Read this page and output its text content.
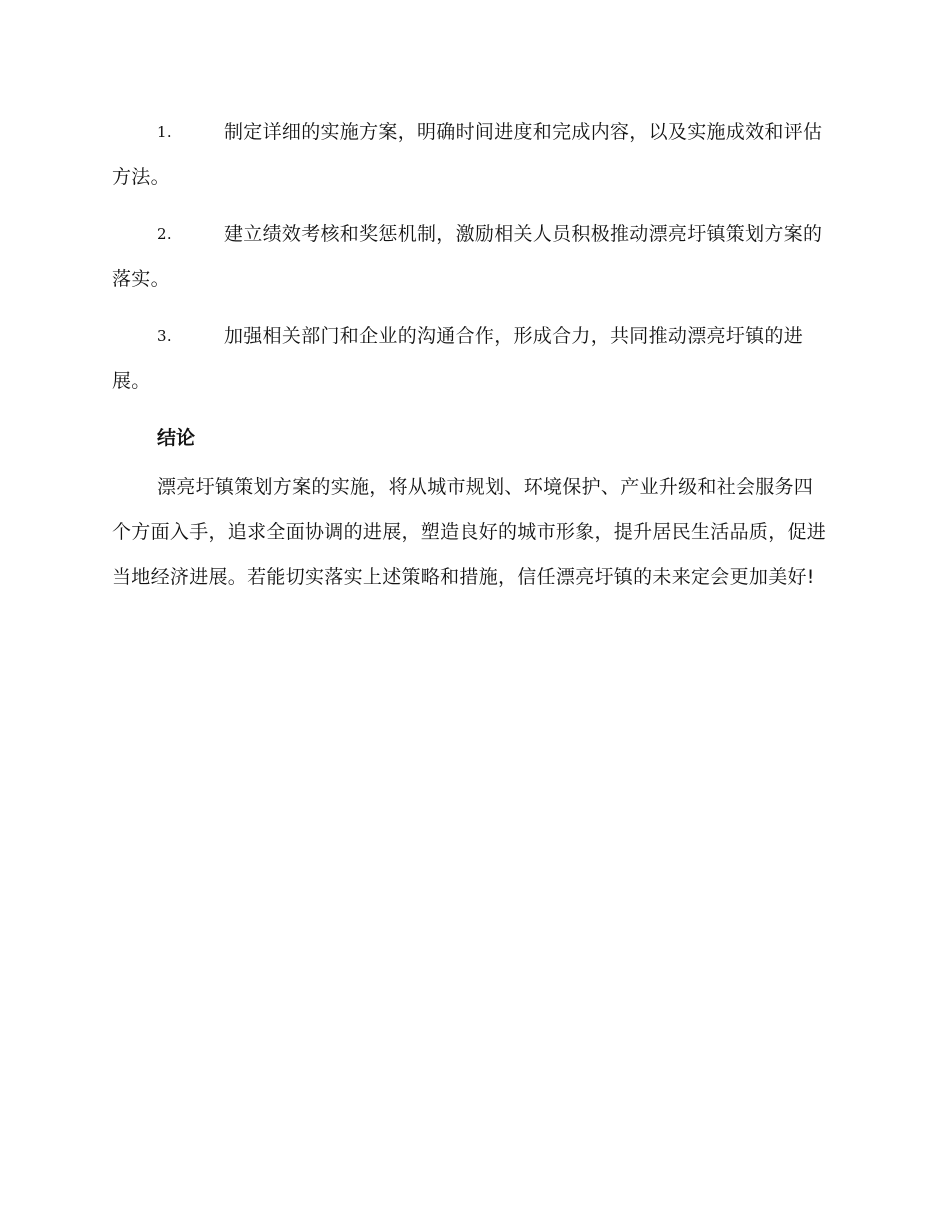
1.	制定详细的实施方案，明确时间进度和完成内容，以及实施成效和评估方法。
2.	建立绩效考核和奖惩机制，激励相关人员积极推动漂亮圩镇策划方案的落实。
3.	加强相关部门和企业的沟通合作，形成合力，共同推动漂亮圩镇的进展。
结论
漂亮圩镇策划方案的实施，将从城市规划、环境保护、产业升级和社会服务四个方面入手，追求全面协调的进展，塑造良好的城市形象，提升居民生活品质，促进当地经济进展。若能切实落实上述策略和措施，信任漂亮圩镇的未来定会更加美好!
